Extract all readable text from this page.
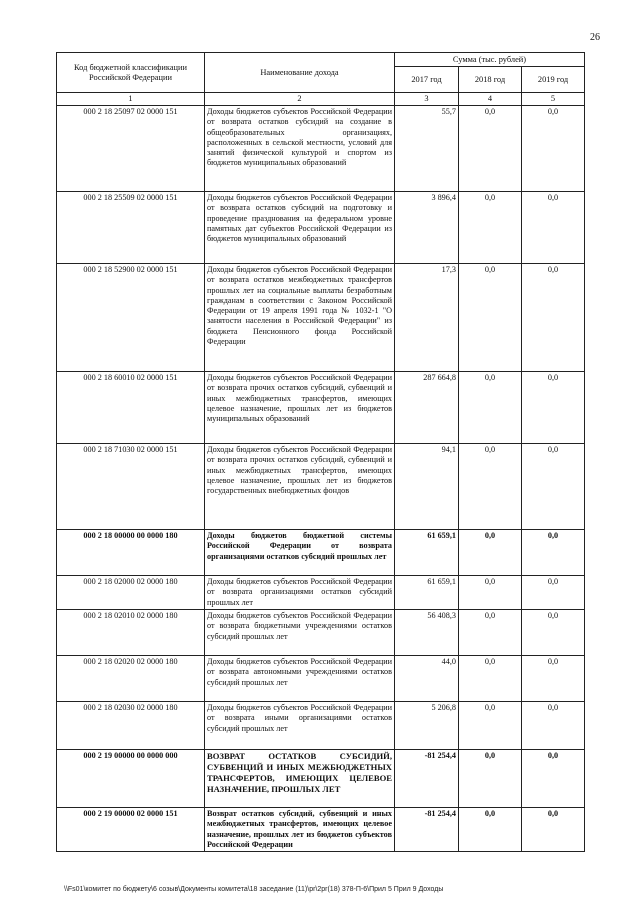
26
Код бюджетной классификации Российской Федерации	Наименование дохода	Сумма (тыс. рублей)		
		2017 год	2018 год	2019 год
1	2	3	4	5
000 2 18 25097 02 0000 151	Доходы бюджетов субъектов Российской Федерации от возврата остатков субсидий на создание в общеобразовательных организациях, расположенных в сельской местности, условий для занятий физической культурой и спортом из бюджетов муниципальных образований	55,7	0,0	0,0
000 2 18 25509 02 0000 151	Доходы бюджетов субъектов Российской Федерации от возврата остатков субсидий на подготовку и проведение празднования на федеральном уровне памятных дат субъектов Российской Федерации из бюджетов муниципальных образований	3 896,4	0,0	0,0
000 2 18 52900 02 0000 151	Доходы бюджетов субъектов Российской Федерации от возврата остатков межбюджетных трансфертов прошлых лет на социальные выплаты безработным гражданам в соответствии с Законом Российской Федерации от 19 апреля 1991 года № 1032-1 "О занятости населения в Российской Федерации" из бюджета Пенсионного фонда Российской Федерации	17,3	0,0	0,0
000 2 18 60010 02 0000 151	Доходы бюджетов субъектов Российской Федерации от возврата прочих остатков субсидий, субвенций и иных межбюджетных трансфертов, имеющих целевое назначение, прошлых лет из бюджетов муниципальных образований	287 664,8	0,0	0,0
000 2 18 71030 02 0000 151	Доходы бюджетов субъектов Российской Федерации от возврата прочих остатков субсидий, субвенций и иных межбюджетных трансфертов, имеющих целевое назначение, прошлых лет из бюджетов государственных внебюджетных фондов	94,1	0,0	0,0
000 2 18 00000 00 0000 180	Доходы бюджетов бюджетной системы Российской Федерации от возврата организациями остатков субсидий прошлых лет	61 659,1	0,0	0,0
000 2 18 02000 02 0000 180	Доходы бюджетов субъектов Российской Федерации от возврата организациями остатков субсидий прошлых лет	61 659,1	0,0	0,0
000 2 18 02010 02 0000 180	Доходы бюджетов субъектов Российской Федерации от возврата бюджетными учреждениями остатков субсидий прошлых лет	56 408,3	0,0	0,0
000 2 18 02020 02 0000 180	Доходы бюджетов субъектов Российской Федерации от возврата автономными учреждениями остатков субсидий прошлых лет	44,0	0,0	0,0
000 2 18 02030 02 0000 180	Доходы бюджетов субъектов Российской Федерации от возврата иными организациями остатков субсидий прошлых лет	5 206,8	0,0	0,0
000 2 19 00000 00 0000 000	ВОЗВРАТ ОСТАТКОВ СУБСИДИЙ, СУБВЕНЦИЙ И ИНЫХ МЕЖБЮДЖЕТНЫХ ТРАНСФЕРТОВ, ИМЕЮЩИХ ЦЕЛЕВОЕ НАЗНАЧЕНИЕ, ПРОШЛЫХ ЛЕТ	-81 254,4	0,0	0,0
000 2 19 00000 02 0000 151	Возврат остатков субсидий, субвенций и иных межбюджетных трансфертов, имеющих целевое назначение, прошлых лет из бюджетов субъектов Российской Федерации	-81 254,4	0,0	0,0
\\Fs01\комитет по бюджету\6 созыв\Документы комитета\18 заседание (11)\pr\2pr(18) 378-П-6\Прил 5 Прил 9 Доходы
